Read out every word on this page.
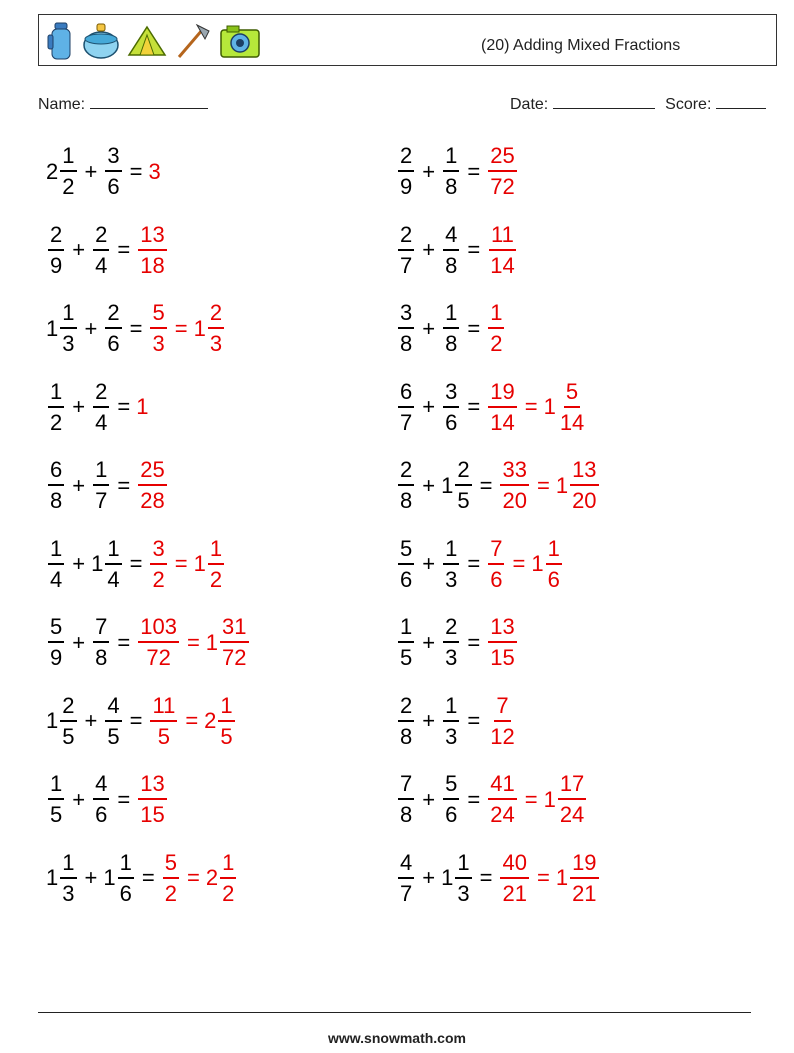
(20) Adding Mixed Fractions
Name:	Date:	Score:
$2 \frac{1}{2} + \frac{3}{6} = 3$	$\frac{2}{9} + \frac{1}{8} = \frac{25}{72}$
$\frac{2}{9} + \frac{2}{4} = \frac{13}{18}$	$\frac{2}{7} + \frac{4}{8} = \frac{11}{14}$
$1 \frac{1}{3} + \frac{2}{6} = \frac{5}{3} = 1 \frac{2}{3}$	$\frac{3}{8} + \frac{1}{8} = \frac{1}{2}$
$\frac{1}{2} + \frac{2}{4} = 1$	$\frac{6}{7} + \frac{3}{6} = \frac{19}{14} = 1 \frac{5}{14}$
$\frac{6}{8} + \frac{1}{7} = \frac{25}{28}$	$\frac{2}{8} + 1 \frac{2}{5} = \frac{33}{20} = 1 \frac{13}{20}$
$\frac{1}{4} + 1 \frac{1}{4} = \frac{3}{2} = 1 \frac{1}{2}$	$\frac{5}{6} + \frac{1}{3} = \frac{7}{6} = 1 \frac{1}{6}$
$\frac{5}{9} + \frac{7}{8} = \frac{103}{72} = 1 \frac{31}{72}$	$\frac{1}{5} + \frac{2}{3} = \frac{13}{15}$
$1 \frac{2}{5} + \frac{4}{5} = \frac{11}{5} = 2 \frac{1}{5}$	$\frac{2}{8} + \frac{1}{3} = \frac{7}{12}$
$\frac{1}{5} + \frac{4}{6} = \frac{13}{15}$	$\frac{7}{8} + \frac{5}{6} = \frac{41}{24} = 1 \frac{17}{24}$
$1 \frac{1}{3} + 1 \frac{1}{6} = \frac{5}{2} = 2 \frac{1}{2}$	$\frac{4}{7} + 1 \frac{1}{3} = \frac{40}{21} = 1 \frac{19}{21}$
www.snowmath.com
